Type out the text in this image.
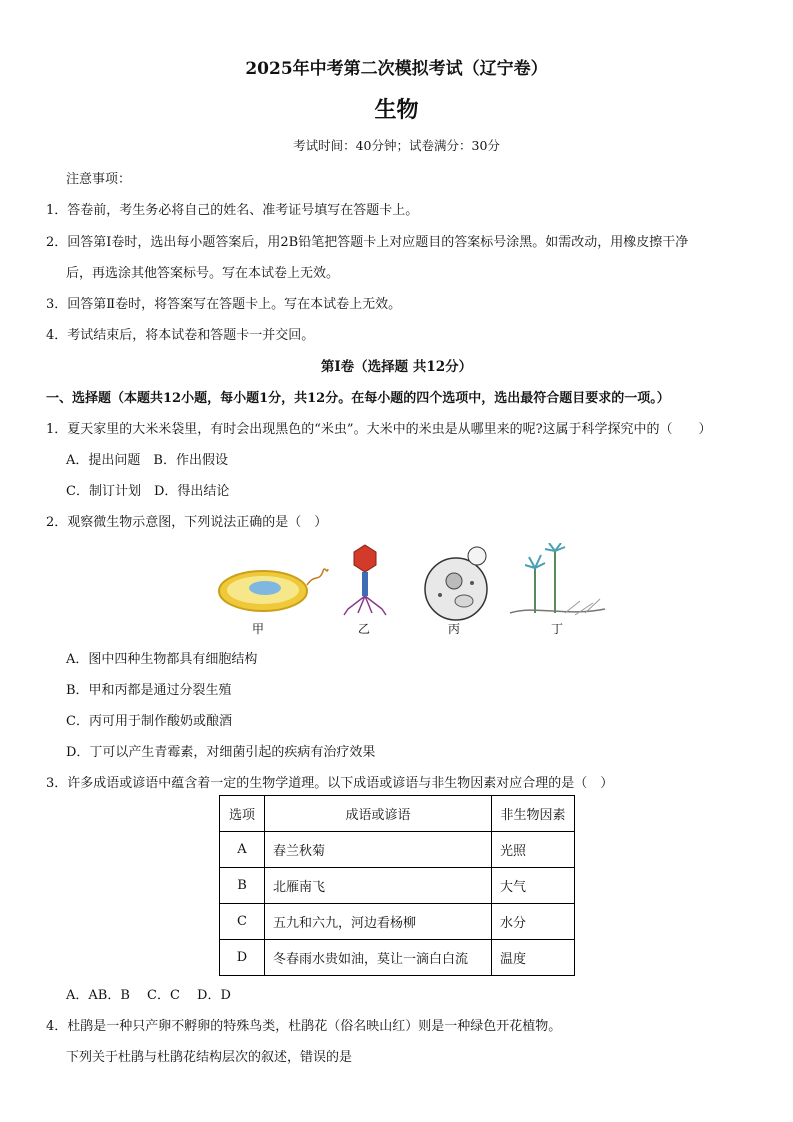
2025年中考第二次模拟考试（辽宁卷）
生物
考试时间：40分钟；试卷满分：30分
注意事项：
1．答卷前，考生务必将自己的姓名、准考证号填写在答题卡上。
2．回答第Ⅰ卷时，选出每小题答案后，用2B铅笔把答题卡上对应题目的答案标号涂黑。如需改动，用橡皮擦干净
后，再选涂其他答案标号。写在本试卷上无效。
3．回答第Ⅱ卷时，将答案写在答题卡上。写在本试卷上无效。
4．考试结束后，将本试卷和答题卡一并交回。
第Ⅰ卷（选择题 共12分）
一、选择题（本题共12小题，每小题1分，共12分。在每小题的四个选项中，选出最符合题目要求的一项。）
1．夏天家里的大米米袋里，有时会出现黑色的“米虫”。大米中的米虫是从哪里来的呢?这属于科学探究中的（　　）
A．提出问题　B．作出假设
C．制订计划　D．得出结论
2．观察微生物示意图，下列说法正确的是（　）
甲	乙	丙	丁
A．图中四种生物都具有细胞结构
B．甲和丙都是通过分裂生殖
C．丙可用于制作酸奶或酿酒
D．丁可以产生青霉素，对细菌引起的疾病有治疗效果
3．许多成语或谚语中蕴含着一定的生物学道理。以下成语或谚语与非生物因素对应合理的是（　）
选项	成语或谚语	非生物因素
A	春兰秋菊	光照
B	北雁南飞	大气
C	五九和六九，河边看杨柳	水分
D	冬春雨水贵如油，莫让一滴白白流	温度
A．AB．B　 C．C　 D．D
4．杜鹃是一种只产卵不孵卵的特殊鸟类，杜鹃花（俗名映山红）则是一种绿色开花植物。
下列关于杜鹃与杜鹃花结构层次的叙述，错误的是
